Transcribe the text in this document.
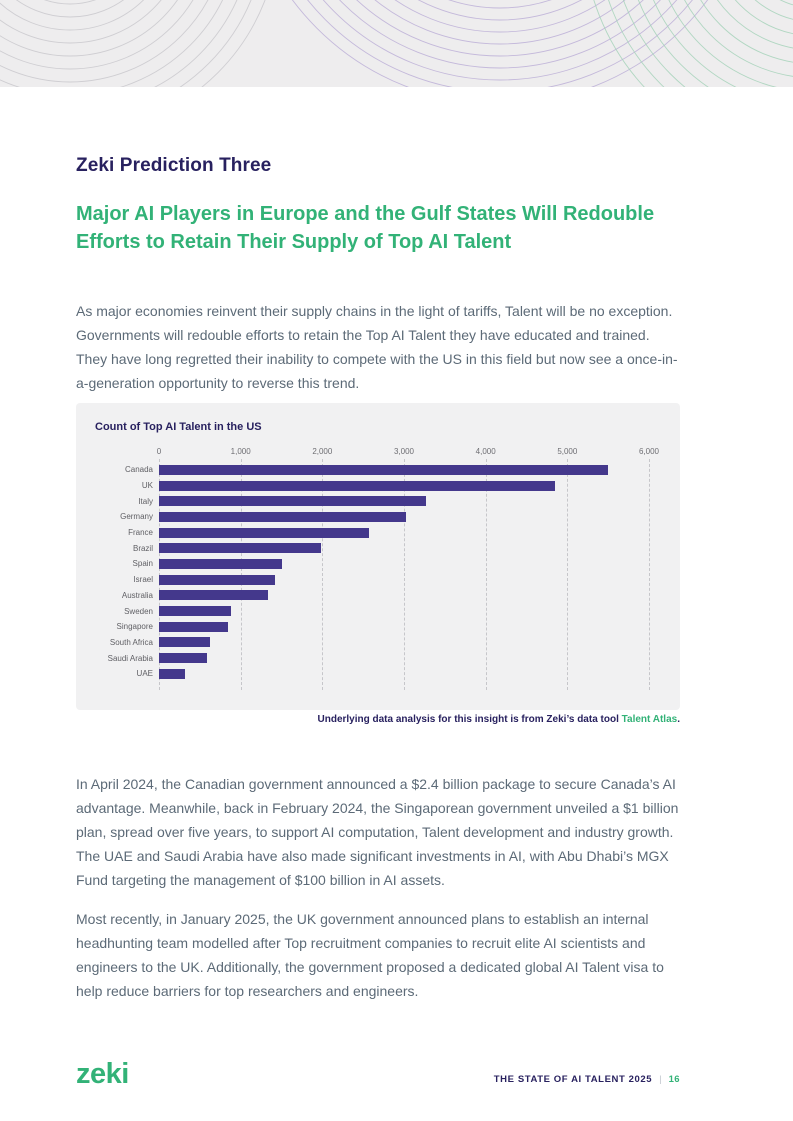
Zeki Prediction Three
Major AI Players in Europe and the Gulf States Will Redouble Efforts to Retain Their Supply of Top AI Talent

As major economies reinvent their supply chains in the light of tariffs, Talent will be no exception. Governments will redouble efforts to retain the Top AI Talent they have educated and trained. They have long regretted their inability to compete with the US in this field but now see a once-in-a-generation opportunity to reverse this trend.

Count of Top AI Talent in the US
0	1,000	2,000	3,000	4,000	5,000	6,000
Canada
UK
Italy
Germany
France
Brazil
Spain
Israel
Australia
Sweden
Singapore
South Africa
Saudi Arabia
UAE
Underlying data analysis for this insight is from Zeki’s data tool Talent Atlas.

In April 2024, the Canadian government announced a $2.4 billion package to secure Canada’s AI advantage. Meanwhile, back in February 2024, the Singaporean government unveiled a $1 billion plan, spread over five years, to support AI computation, Talent development and industry growth. The UAE and Saudi Arabia have also made significant investments in AI, with Abu Dhabi’s MGX Fund targeting the management of $100 billion in AI assets.

Most recently, in January 2025, the UK government announced plans to establish an internal headhunting team modelled after Top recruitment companies to recruit elite AI scientists and engineers to the UK. Additionally, the government proposed a dedicated global AI Talent visa to help reduce barriers for top researchers and engineers.

zeki	THE STATE OF AI TALENT 2025 | 16
